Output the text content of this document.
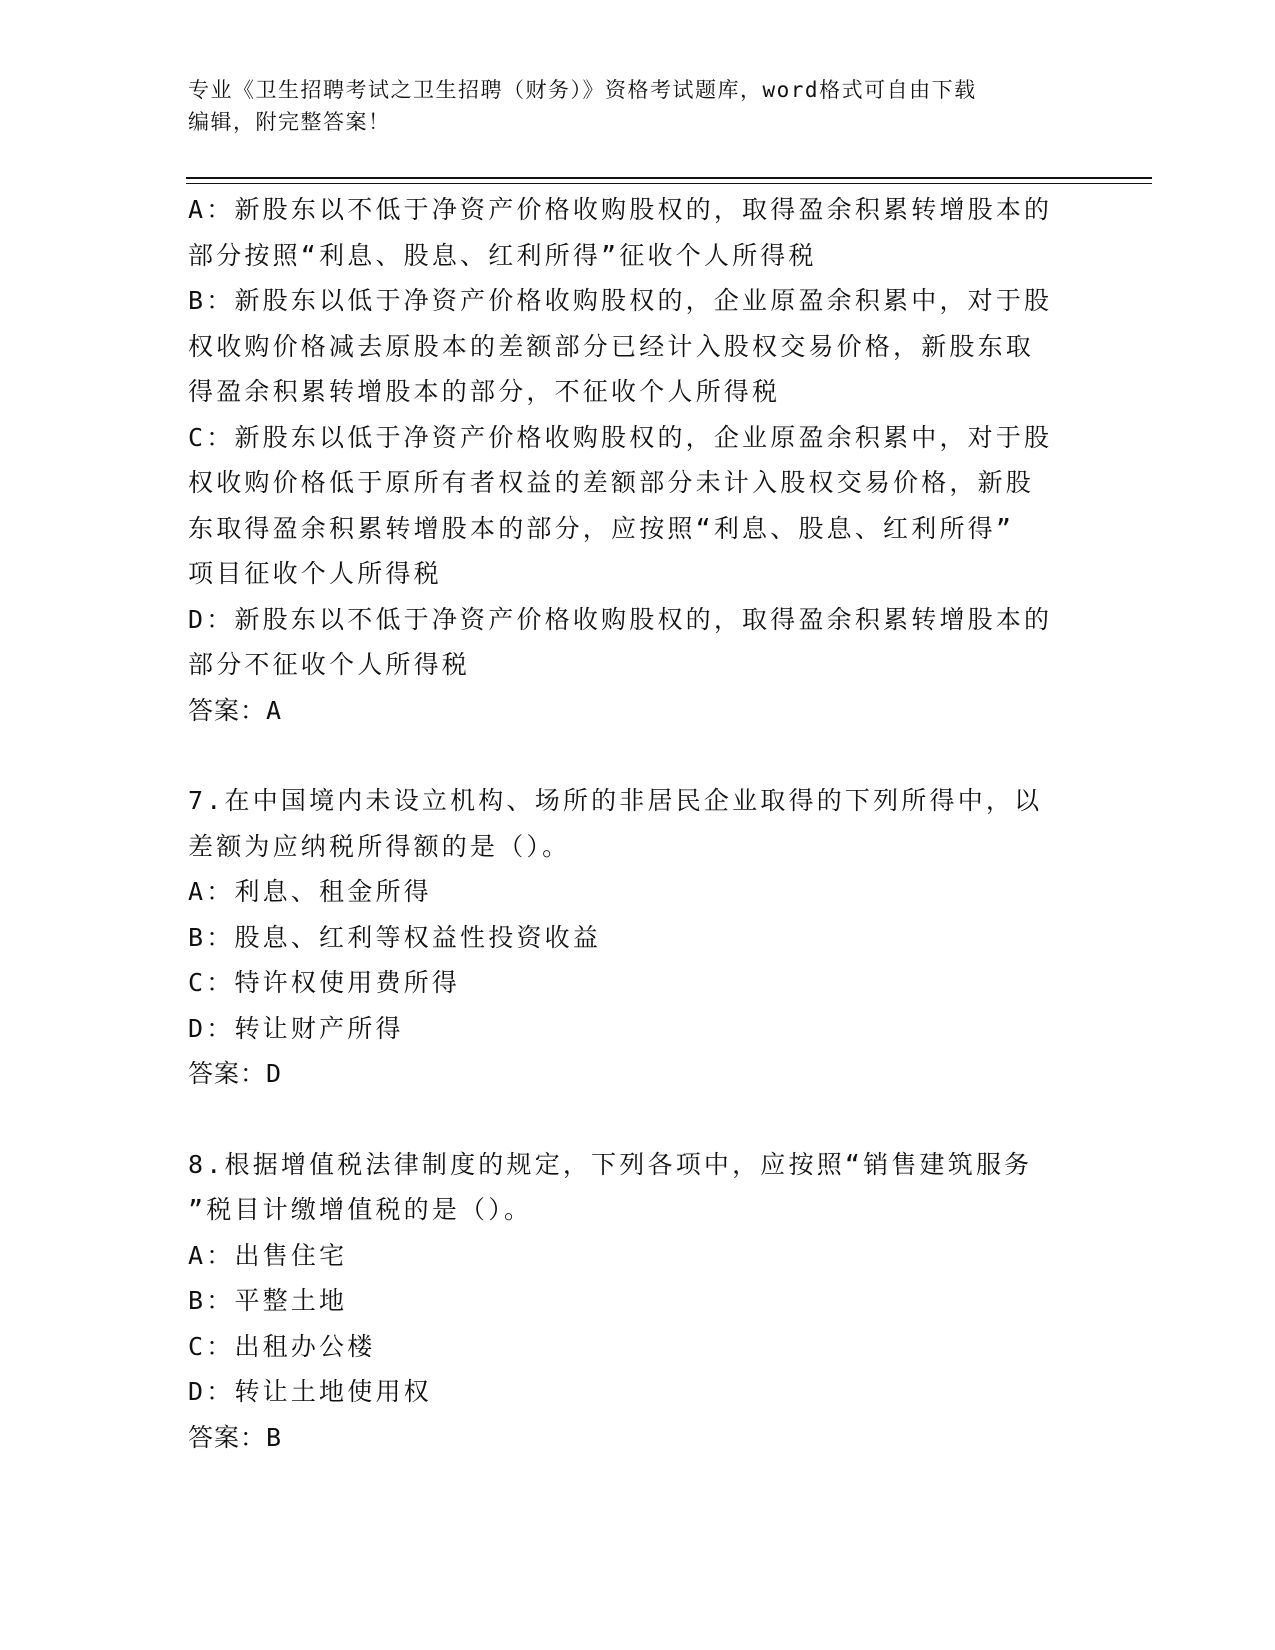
专业《卫生招聘考试之卫生招聘（财务）》资格考试题库，word格式可自由下载
编辑，附完整答案！
A：新股东以不低于净资产价格收购股权的，取得盈余积累转增股本的
部分按照“利息、股息、红利所得”征收个人所得税
B：新股东以低于净资产价格收购股权的，企业原盈余积累中，对于股
权收购价格减去原股本的差额部分已经计入股权交易价格，新股东取
得盈余积累转增股本的部分，不征收个人所得税
C：新股东以低于净资产价格收购股权的，企业原盈余积累中，对于股
权收购价格低于原所有者权益的差额部分未计入股权交易价格，新股
东取得盈余积累转增股本的部分，应按照“利息、股息、红利所得”
项目征收个人所得税
D：新股东以不低于净资产价格收购股权的，取得盈余积累转增股本的
部分不征收个人所得税
答案：A
7.在中国境内未设立机构、场所的非居民企业取得的下列所得中，以
差额为应纳税所得额的是（）。
A：利息、租金所得
B：股息、红利等权益性投资收益
C：特许权使用费所得
D：转让财产所得
答案：D
8.根据增值税法律制度的规定，下列各项中，应按照“销售建筑服务
”税目计缴增值税的是（）。
A：出售住宅
B：平整土地
C：出租办公楼
D：转让土地使用权
答案：B
